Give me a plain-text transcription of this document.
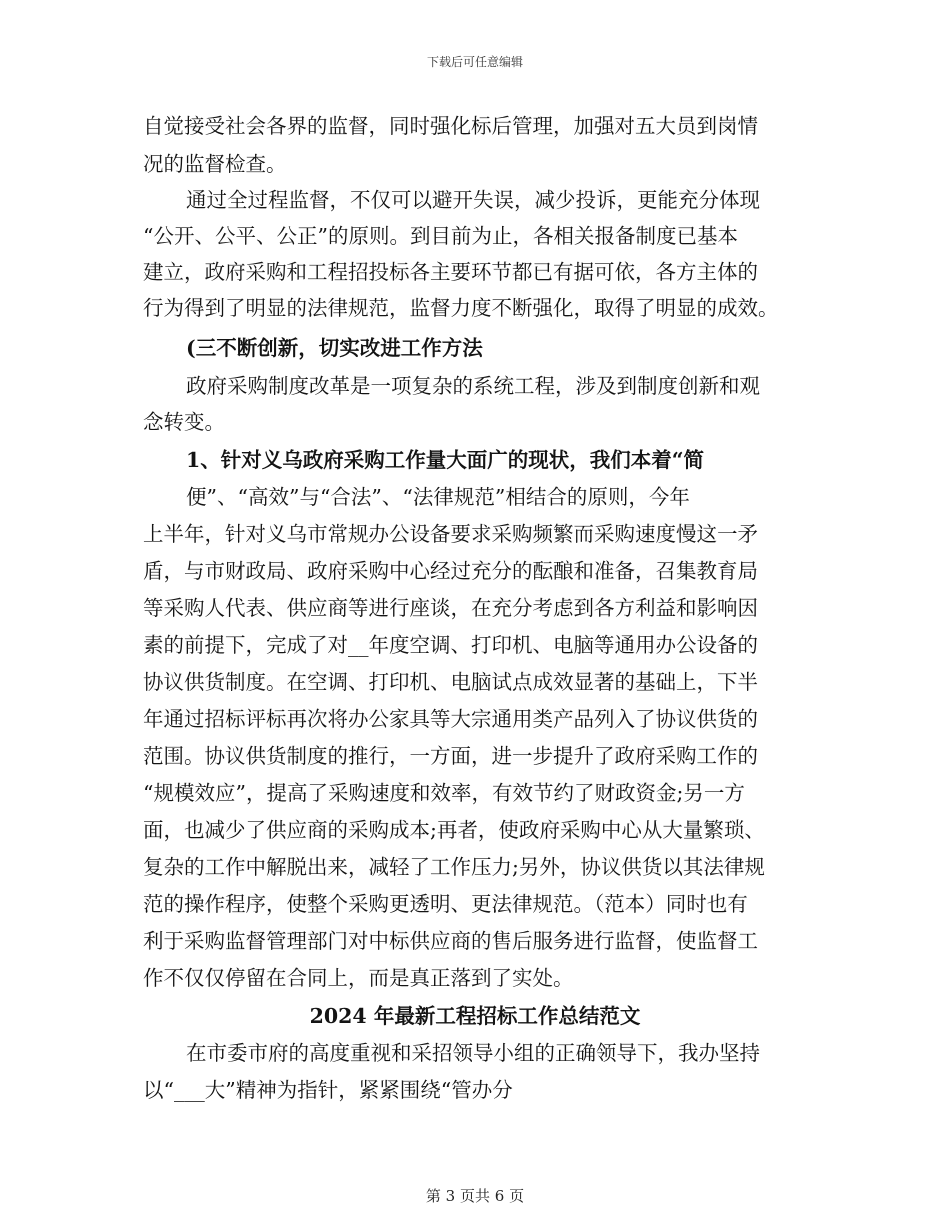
下载后可任意编辑
自觉接受社会各界的监督，同时强化标后管理，加强对五大员到岗情
况的监督检查。
通过全过程监督，不仅可以避开失误，减少投诉，更能充分体现
“公开、公平、公正”的原则。到目前为止，各相关报备制度已基本
建立，政府采购和工程招投标各主要环节都已有据可依，各方主体的
行为得到了明显的法律规范，监督力度不断强化，取得了明显的成效。
(三不断创新，切实改进工作方法
政府采购制度改革是一项复杂的系统工程，涉及到制度创新和观
念转变。
1、针对义乌政府采购工作量大面广的现状，我们本着“简
便”、“高效”与“合法”、“法律规范”相结合的原则，今年
上半年，针对义乌市常规办公设备要求采购频繁而采购速度慢这一矛
盾，与市财政局、政府采购中心经过充分的酝酿和准备，召集教育局
等采购人代表、供应商等进行座谈，在充分考虑到各方利益和影响因
素的前提下，完成了对__年度空调、打印机、电脑等通用办公设备的
协议供货制度。在空调、打印机、电脑试点成效显著的基础上，下半
年通过招标评标再次将办公家具等大宗通用类产品列入了协议供货的
范围。协议供货制度的推行，一方面，进一步提升了政府采购工作的
“规模效应”，提高了采购速度和效率，有效节约了财政资金;另一方
面，也减少了供应商的采购成本;再者，使政府采购中心从大量繁琐、
复杂的工作中解脱出来，减轻了工作压力;另外，协议供货以其法律规
范的操作程序，使整个采购更透明、更法律规范。（范本）同时也有
利于采购监督管理部门对中标供应商的售后服务进行监督，使监督工
作不仅仅停留在合同上，而是真正落到了实处。
2024 年最新工程招标工作总结范文
在市委市府的高度重视和采招领导小组的正确领导下，我办坚持
以“___大”精神为指针，紧紧围绕“管办分
第 3 页共 6 页
